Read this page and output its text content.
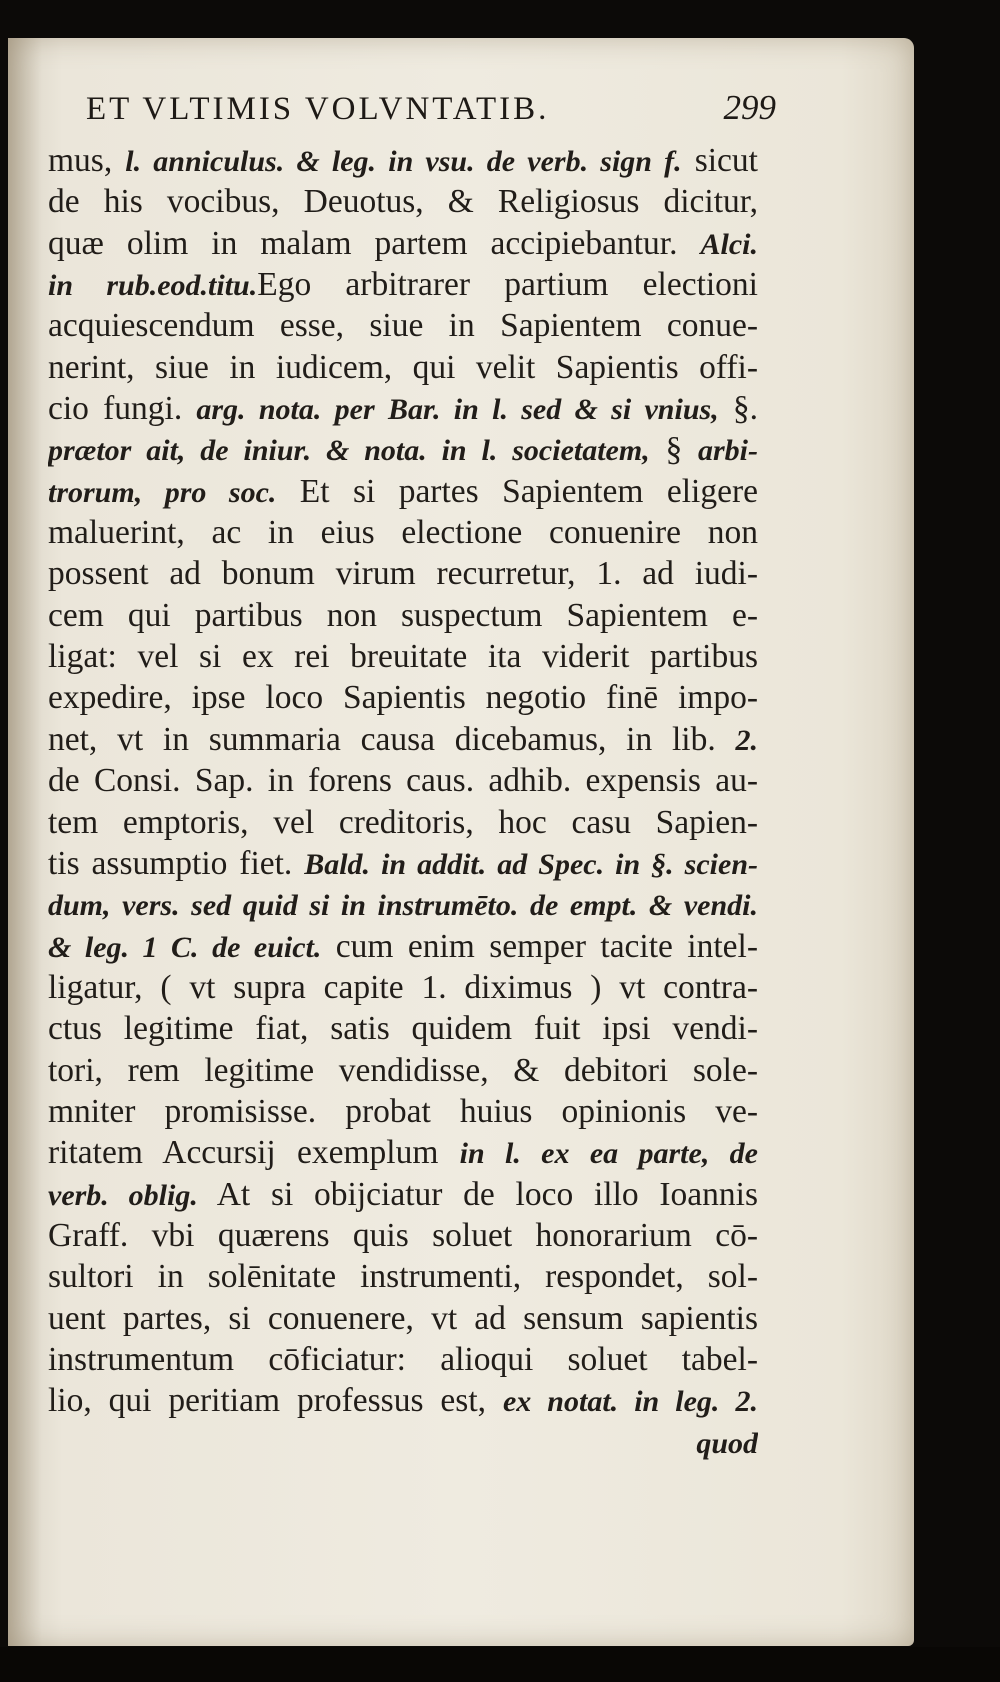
ET VLTIMIS VOLVNTATIB.	299
mus, l. anniculus. & leg. in vsu. de verb. sign f. sicut
de his vocibus, Deuotus, & Religiosus dicitur,
quæ olim in malam partem accipiebantur. Alci.
in rub.eod.titu.Ego arbitrarer partium electioni
acquiescendum esse, siue in Sapientem conue-
nerint, siue in iudicem, qui velit Sapientis offi-
cio fungi. arg. nota. per Bar. in l. sed & si vnius, §.
prætor ait, de iniur. & nota. in l. societatem, § arbi-
trorum, pro soc. Et si partes Sapientem eligere
maluerint, ac in eius electione conuenire non
possent ad bonum virum recurretur, 1. ad iudi-
cem qui partibus non suspectum Sapientem e-
ligat: vel si ex rei breuitate ita viderit partibus
expedire, ipse loco Sapientis negotio finē impo-
net, vt in summaria causa dicebamus, in lib. 2.
de Consi. Sap. in forens caus. adhib. expensis au-
tem emptoris, vel creditoris, hoc casu Sapien-
tis assumptio fiet. Bald. in addit. ad Spec. in §. scien-
dum, vers. sed quid si in instrumēto. de empt. & vendi.
& leg. 1 C. de euict. cum enim semper tacite intel-
ligatur, ( vt supra capite 1. diximus ) vt contra-
ctus legitime fiat, satis quidem fuit ipsi vendi-
tori, rem legitime vendidisse, & debitori sole-
mniter promisisse. probat huius opinionis ve-
ritatem Accursij exemplum in l. ex ea parte, de
verb. oblig. At si obijciatur de loco illo Ioannis
Graff. vbi quærens quis soluet honorarium cō-
sultori in solēnitate instrumenti, respondet, sol-
uent partes, si conuenere, vt ad sensum sapientis
instrumentum cōficiatur: alioqui soluet tabel-
lio, qui peritiam professus est, ex notat. in leg. 2.
quod
